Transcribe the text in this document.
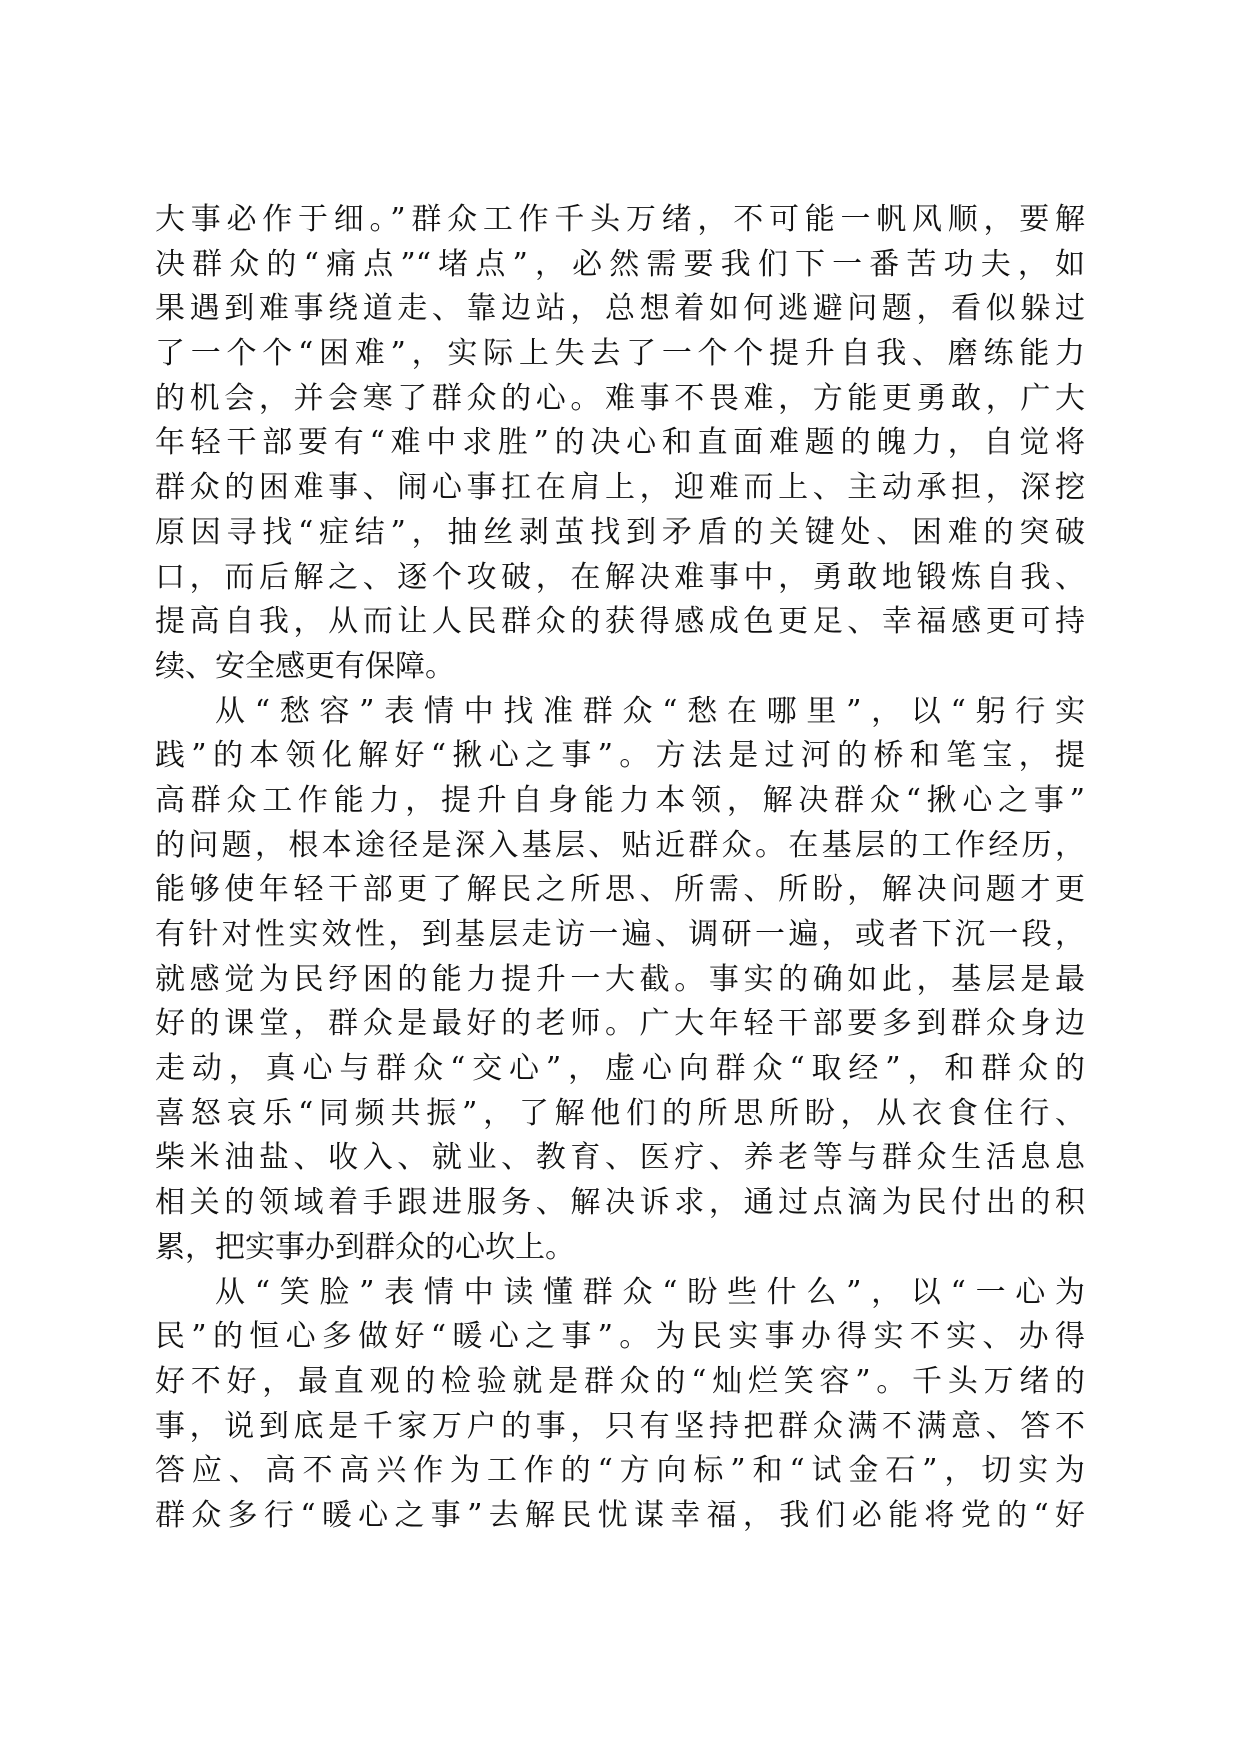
大事必作于细。”群众工作千头万绪，不可能一帆风顺，要解
决群众的“痛点”“堵点”，必然需要我们下一番苦功夫，如
果遇到难事绕道走、靠边站，总想着如何逃避问题，看似躲过
了一个个“困难”，实际上失去了一个个提升自我、磨练能力
的机会，并会寒了群众的心。难事不畏难，方能更勇敢，广大
年轻干部要有“难中求胜”的决心和直面难题的魄力，自觉将
群众的困难事、闹心事扛在肩上，迎难而上、主动承担，深挖
原因寻找“症结”，抽丝剥茧找到矛盾的关键处、困难的突破
口，而后解之、逐个攻破，在解决难事中，勇敢地锻炼自我、
提高自我，从而让人民群众的获得感成色更足、幸福感更可持
续、安全感更有保障。
从“愁容”表情中找准群众“愁在哪里”，以“躬行实
践”的本领化解好“揪心之事”。方法是过河的桥和笔宝，提
高群众工作能力，提升自身能力本领，解决群众“揪心之事”
的问题，根本途径是深入基层、贴近群众。在基层的工作经历，
能够使年轻干部更了解民之所思、所需、所盼，解决问题才更
有针对性实效性，到基层走访一遍、调研一遍，或者下沉一段，
就感觉为民纾困的能力提升一大截。事实的确如此，基层是最
好的课堂，群众是最好的老师。广大年轻干部要多到群众身边
走动，真心与群众“交心”，虚心向群众“取经”，和群众的
喜怒哀乐“同频共振”，了解他们的所思所盼，从衣食住行、
柴米油盐、收入、就业、教育、医疗、养老等与群众生活息息
相关的领域着手跟进服务、解决诉求，通过点滴为民付出的积
累，把实事办到群众的心坎上。
从“笑脸”表情中读懂群众“盼些什么”，以“一心为
民”的恒心多做好“暖心之事”。为民实事办得实不实、办得
好不好，最直观的检验就是群众的“灿烂笑容”。千头万绪的
事，说到底是千家万户的事，只有坚持把群众满不满意、答不
答应、高不高兴作为工作的“方向标”和“试金石”，切实为
群众多行“暖心之事”去解民忧谋幸福，我们必能将党的“好
